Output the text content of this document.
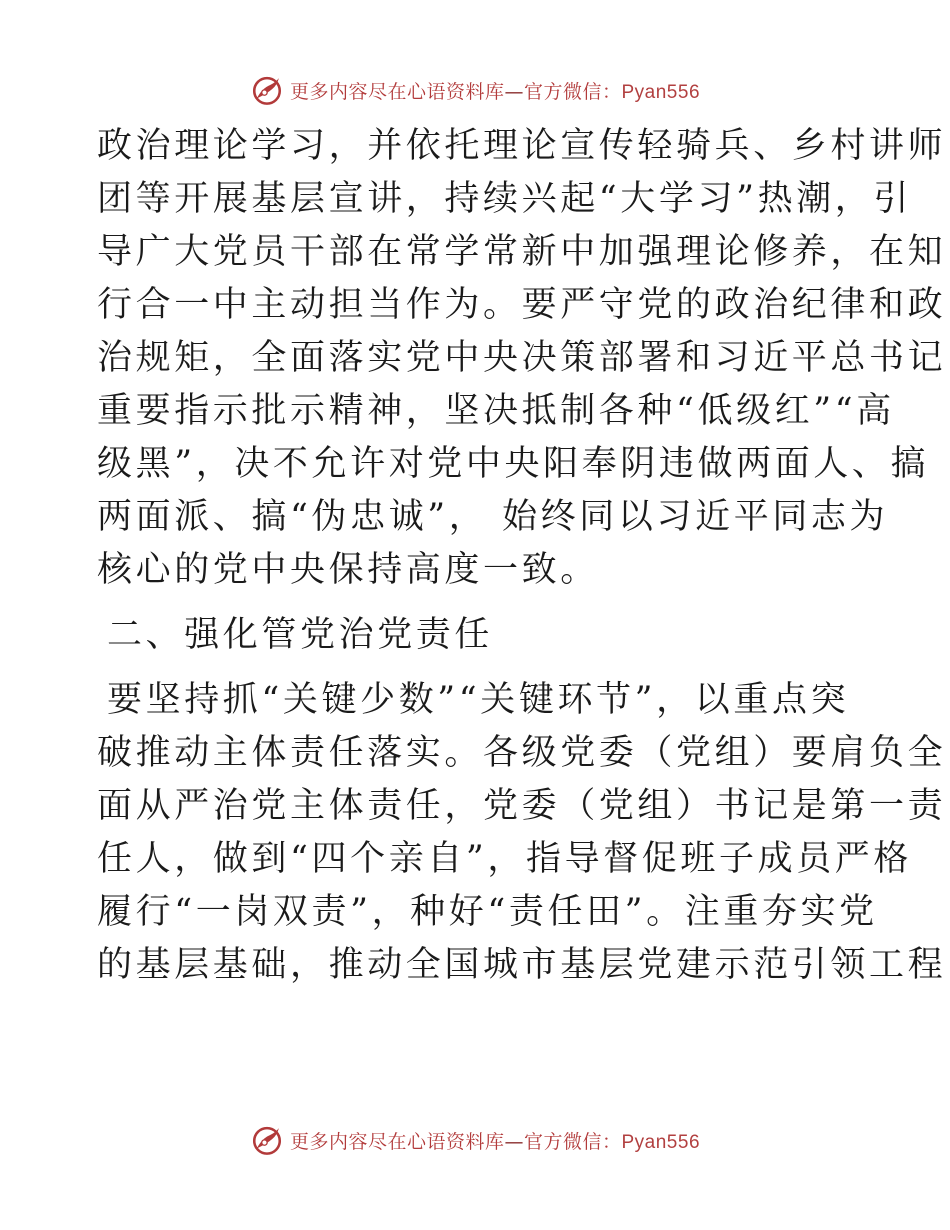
更多内容尽在心语资料库—官方微信：Pyan556
政治理论学习，并依托理论宣传轻骑兵、乡村讲师
团等开展基层宣讲，持续兴起“大学习”热潮，引
导广大党员干部在常学常新中加强理论修养，在知
行合一中主动担当作为。要严守党的政治纪律和政
治规矩，全面落实党中央决策部署和习近平总书记
重要指示批示精神，坚决抵制各种“低级红”“高
级黑”，决不允许对党中央阳奉阴违做两面人、搞
两面派、搞“伪忠诚”， 始终同以习近平同志为
核心的党中央保持高度一致。
二、强化管党治党责任
要坚持抓“关键少数”“关键环节”，以重点突
破推动主体责任落实。各级党委（党组）要肩负全
面从严治党主体责任，党委（党组）书记是第一责
任人，做到“四个亲自”，指导督促班子成员严格
履行“一岗双责”，种好“责任田”。注重夯实党
的基层基础，推动全国城市基层党建示范引领工程
更多内容尽在心语资料库—官方微信：Pyan556
